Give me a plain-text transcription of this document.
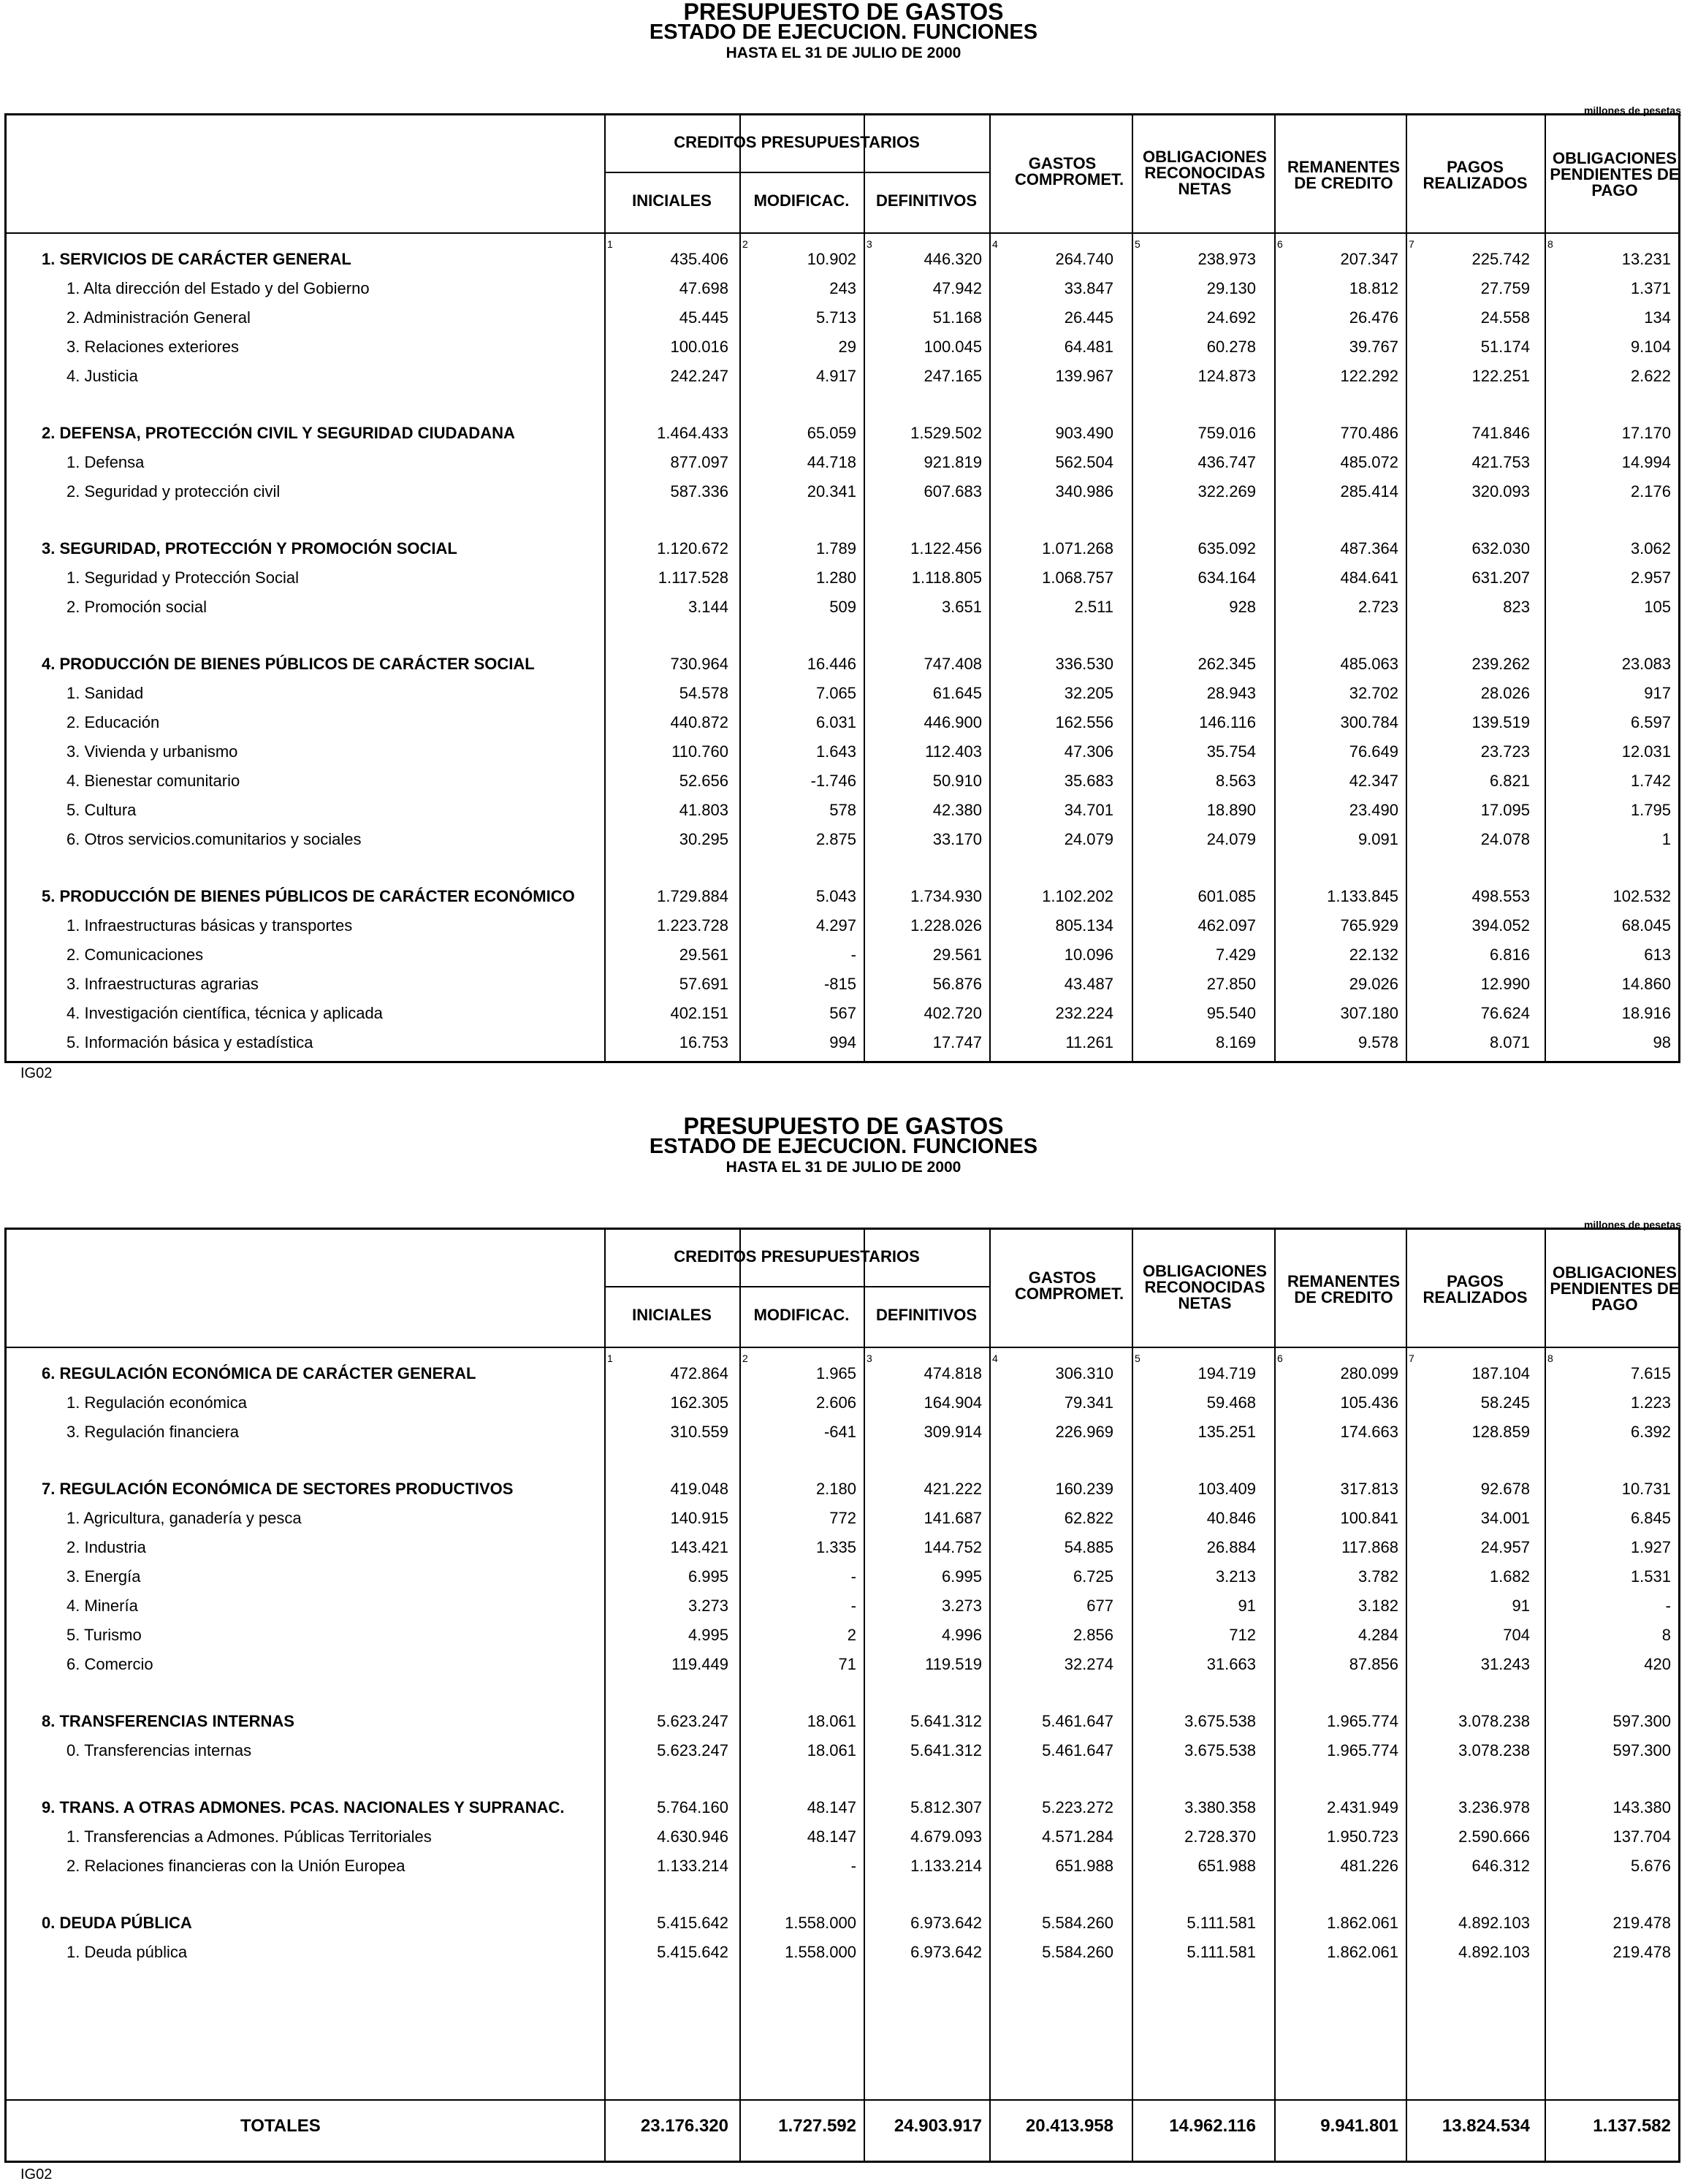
PRESUPUESTO DE GASTOS
ESTADO DE EJECUCION. FUNCIONES
HASTA EL 31 DE JULIO DE 2000
millones de pesetas
CREDITOS PRESUPUESTARIOS
INICIALES	MODIFICAC.	DEFINITIVOS
GASTOS COMPROMET.
OBLIGACIONES RECONOCIDAS NETAS
REMANENTES DE CREDITO
PAGOS REALIZADOS
OBLIGACIONES PENDIENTES DE PAGO
1	2	3	4	5	6	7	8
1. SERVICIOS DE CARÁCTER GENERAL	435.406	10.902	446.320	264.740	238.973	207.347	225.742	13.231
1. Alta dirección del Estado y del Gobierno	47.698	243	47.942	33.847	29.130	18.812	27.759	1.371
2. Administración General	45.445	5.713	51.168	26.445	24.692	26.476	24.558	134
3. Relaciones exteriores	100.016	29	100.045	64.481	60.278	39.767	51.174	9.104
4. Justicia	242.247	4.917	247.165	139.967	124.873	122.292	122.251	2.622
2. DEFENSA, PROTECCIÓN CIVIL Y SEGURIDAD CIUDADANA	1.464.433	65.059	1.529.502	903.490	759.016	770.486	741.846	17.170
1. Defensa	877.097	44.718	921.819	562.504	436.747	485.072	421.753	14.994
2. Seguridad y protección civil	587.336	20.341	607.683	340.986	322.269	285.414	320.093	2.176
3. SEGURIDAD, PROTECCIÓN Y PROMOCIÓN SOCIAL	1.120.672	1.789	1.122.456	1.071.268	635.092	487.364	632.030	3.062
1. Seguridad y Protección Social	1.117.528	1.280	1.118.805	1.068.757	634.164	484.641	631.207	2.957
2. Promoción social	3.144	509	3.651	2.511	928	2.723	823	105
4. PRODUCCIÓN DE BIENES PÚBLICOS DE CARÁCTER SOCIAL	730.964	16.446	747.408	336.530	262.345	485.063	239.262	23.083
1. Sanidad	54.578	7.065	61.645	32.205	28.943	32.702	28.026	917
2. Educación	440.872	6.031	446.900	162.556	146.116	300.784	139.519	6.597
3. Vivienda y urbanismo	110.760	1.643	112.403	47.306	35.754	76.649	23.723	12.031
4. Bienestar comunitario	52.656	-1.746	50.910	35.683	8.563	42.347	6.821	1.742
5. Cultura	41.803	578	42.380	34.701	18.890	23.490	17.095	1.795
6. Otros servicios.comunitarios y sociales	30.295	2.875	33.170	24.079	24.079	9.091	24.078	1
5. PRODUCCIÓN DE BIENES PÚBLICOS DE CARÁCTER ECONÓMICO	1.729.884	5.043	1.734.930	1.102.202	601.085	1.133.845	498.553	102.532
1. Infraestructuras básicas y transportes	1.223.728	4.297	1.228.026	805.134	462.097	765.929	394.052	68.045
2. Comunicaciones	29.561	-	29.561	10.096	7.429	22.132	6.816	613
3. Infraestructuras agrarias	57.691	-815	56.876	43.487	27.850	29.026	12.990	14.860
4. Investigación científica, técnica y aplicada	402.151	567	402.720	232.224	95.540	307.180	76.624	18.916
5. Información básica y estadística	16.753	994	17.747	11.261	8.169	9.578	8.071	98
IG02
PRESUPUESTO DE GASTOS
ESTADO DE EJECUCION. FUNCIONES
HASTA EL 31 DE JULIO DE 2000
millones de pesetas
CREDITOS PRESUPUESTARIOS
INICIALES	MODIFICAC.	DEFINITIVOS
GASTOS COMPROMET.
OBLIGACIONES RECONOCIDAS NETAS
REMANENTES DE CREDITO
PAGOS REALIZADOS
OBLIGACIONES PENDIENTES DE PAGO
1	2	3	4	5	6	7	8
6. REGULACIÓN ECONÓMICA DE CARÁCTER GENERAL	472.864	1.965	474.818	306.310	194.719	280.099	187.104	7.615
1. Regulación económica	162.305	2.606	164.904	79.341	59.468	105.436	58.245	1.223
3. Regulación financiera	310.559	-641	309.914	226.969	135.251	174.663	128.859	6.392
7. REGULACIÓN ECONÓMICA DE SECTORES PRODUCTIVOS	419.048	2.180	421.222	160.239	103.409	317.813	92.678	10.731
1. Agricultura, ganadería y pesca	140.915	772	141.687	62.822	40.846	100.841	34.001	6.845
2. Industria	143.421	1.335	144.752	54.885	26.884	117.868	24.957	1.927
3. Energía	6.995	-	6.995	6.725	3.213	3.782	1.682	1.531
4. Minería	3.273	-	3.273	677	91	3.182	91	-
5. Turismo	4.995	2	4.996	2.856	712	4.284	704	8
6. Comercio	119.449	71	119.519	32.274	31.663	87.856	31.243	420
8. TRANSFERENCIAS INTERNAS	5.623.247	18.061	5.641.312	5.461.647	3.675.538	1.965.774	3.078.238	597.300
0. Transferencias internas	5.623.247	18.061	5.641.312	5.461.647	3.675.538	1.965.774	3.078.238	597.300
9. TRANS. A OTRAS ADMONES. PCAS. NACIONALES Y SUPRANAC.	5.764.160	48.147	5.812.307	5.223.272	3.380.358	2.431.949	3.236.978	143.380
1. Transferencias a Admones. Públicas Territoriales	4.630.946	48.147	4.679.093	4.571.284	2.728.370	1.950.723	2.590.666	137.704
2. Relaciones financieras con la Unión Europea	1.133.214	-	1.133.214	651.988	651.988	481.226	646.312	5.676
0. DEUDA PÚBLICA	5.415.642	1.558.000	6.973.642	5.584.260	5.111.581	1.862.061	4.892.103	219.478
1. Deuda pública	5.415.642	1.558.000	6.973.642	5.584.260	5.111.581	1.862.061	4.892.103	219.478
TOTALES	23.176.320	1.727.592	24.903.917	20.413.958	14.962.116	9.941.801	13.824.534	1.137.582
IG02
